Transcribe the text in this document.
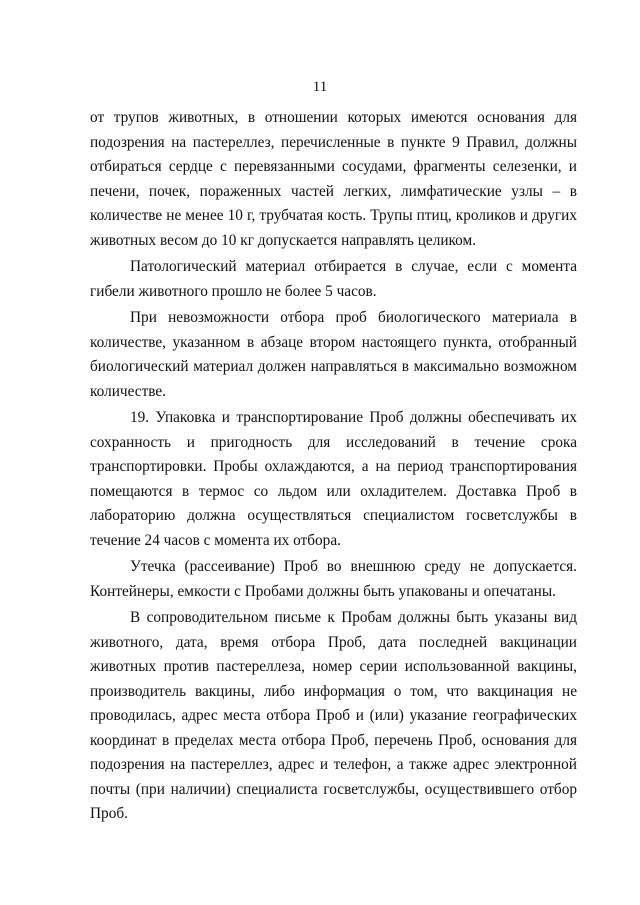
11

от трупов животных, в отношении которых имеются основания для подозрения на пастереллез, перечисленные в пункте 9 Правил, должны отбираться сердце с перевязанными сосудами, фрагменты селезенки, и печени, почек, пораженных частей легких, лимфатические узлы – в количестве не менее 10 г, трубчатая кость. Трупы птиц, кроликов и других животных весом до 10 кг допускается направлять целиком.

Патологический материал отбирается в случае, если с момента гибели животного прошло не более 5 часов.

При невозможности отбора проб биологического материала в количестве, указанном в абзаце втором настоящего пункта, отобранный биологический материал должен направляться в максимально возможном количестве.

19. Упаковка и транспортирование Проб должны обеспечивать их сохранность и пригодность для исследований в течение срока транспортировки. Пробы охлаждаются, а на период транспортирования помещаются в термос со льдом или охладителем. Доставка Проб в лабораторию должна осуществляться специалистом госветслужбы в течение 24 часов с момента их отбора.

Утечка (рассеивание) Проб во внешнюю среду не допускается. Контейнеры, емкости с Пробами должны быть упакованы и опечатаны.

В сопроводительном письме к Пробам должны быть указаны вид животного, дата, время отбора Проб, дата последней вакцинации животных против пастереллеза, номер серии использованной вакцины, производитель вакцины, либо информация о том, что вакцинация не проводилась, адрес места отбора Проб и (или) указание географических координат в пределах места отбора Проб, перечень Проб, основания для подозрения на пастереллез, адрес и телефон, а также адрес электронной почты (при наличии) специалиста госветслужбы, осуществившего отбор Проб.
